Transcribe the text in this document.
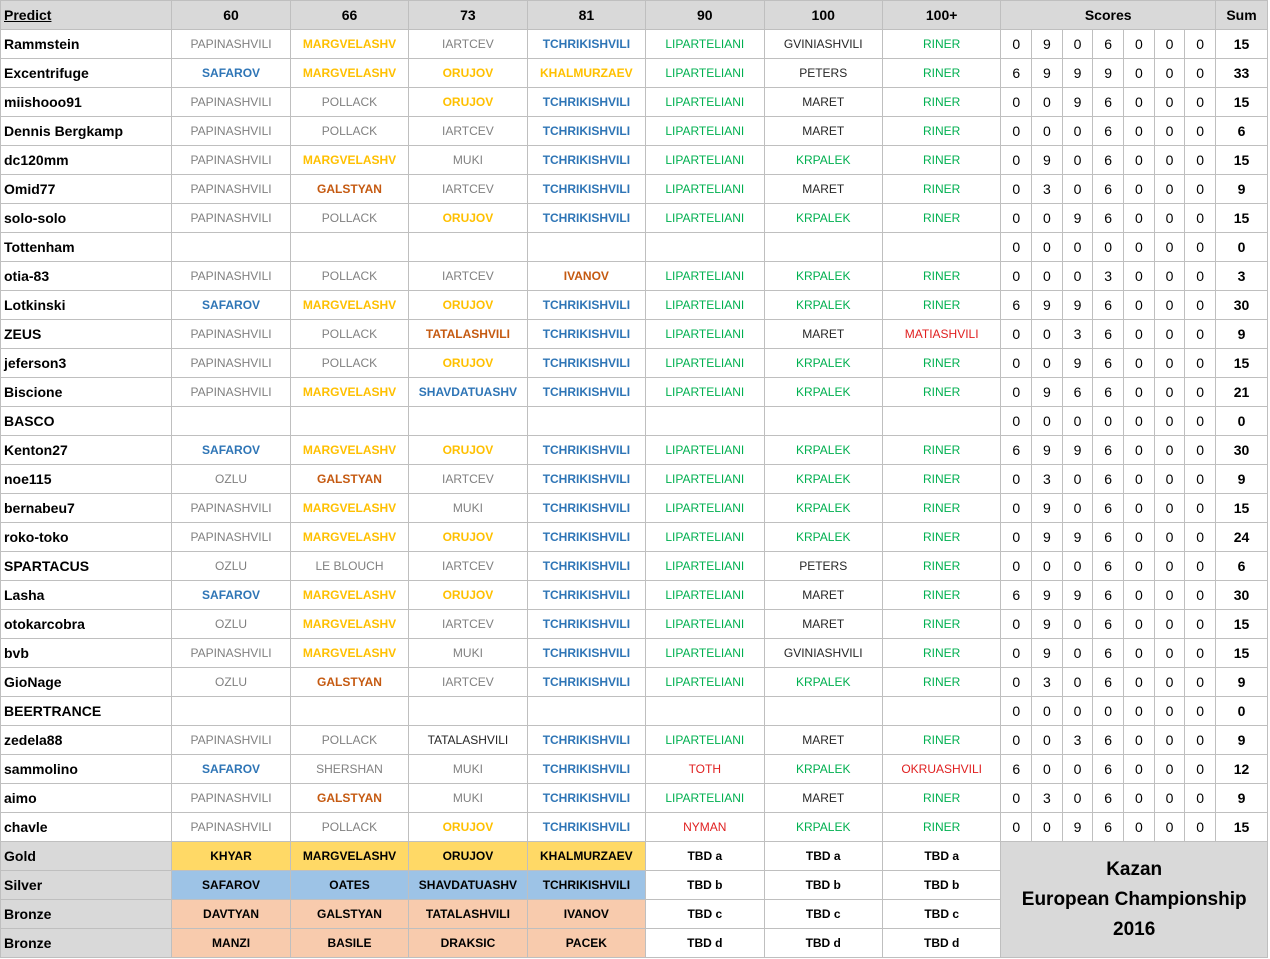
Predict	60	66	73	81	90	100	100+	Scores							Sum
Rammstein	PAPINASHVILI	MARGVELASHV	IARTCEV	TCHRIKISHVILI	LIPARTELIANI	GVINIASHVILI	RINER	0	9	0	6	0	0	0	15
Excentrifuge	SAFAROV	MARGVELASHV	ORUJOV	KHALMURZAEV	LIPARTELIANI	PETERS	RINER	6	9	9	9	0	0	0	33
miishooo91	PAPINASHVILI	POLLACK	ORUJOV	TCHRIKISHVILI	LIPARTELIANI	MARET	RINER	0	0	9	6	0	0	0	15
Dennis Bergkamp	PAPINASHVILI	POLLACK	IARTCEV	TCHRIKISHVILI	LIPARTELIANI	MARET	RINER	0	0	0	6	0	0	0	6
dc120mm	PAPINASHVILI	MARGVELASHV	MUKI	TCHRIKISHVILI	LIPARTELIANI	KRPALEK	RINER	0	9	0	6	0	0	0	15
Omid77	PAPINASHVILI	GALSTYAN	IARTCEV	TCHRIKISHVILI	LIPARTELIANI	MARET	RINER	0	3	0	6	0	0	0	9
solo-solo	PAPINASHVILI	POLLACK	ORUJOV	TCHRIKISHVILI	LIPARTELIANI	KRPALEK	RINER	0	0	9	6	0	0	0	15
Tottenham								0	0	0	0	0	0	0	0
otia-83	PAPINASHVILI	POLLACK	IARTCEV	IVANOV	LIPARTELIANI	KRPALEK	RINER	0	0	0	3	0	0	0	3
Lotkinski	SAFAROV	MARGVELASHV	ORUJOV	TCHRIKISHVILI	LIPARTELIANI	KRPALEK	RINER	6	9	9	6	0	0	0	30
ZEUS	PAPINASHVILI	POLLACK	TATALASHVILI	TCHRIKISHVILI	LIPARTELIANI	MARET	MATIASHVILI	0	0	3	6	0	0	0	9
jeferson3	PAPINASHVILI	POLLACK	ORUJOV	TCHRIKISHVILI	LIPARTELIANI	KRPALEK	RINER	0	0	9	6	0	0	0	15
Biscione	PAPINASHVILI	MARGVELASHV	SHAVDATUASHV	TCHRIKISHVILI	LIPARTELIANI	KRPALEK	RINER	0	9	6	6	0	0	0	21
BASCO								0	0	0	0	0	0	0	0
Kenton27	SAFAROV	MARGVELASHV	ORUJOV	TCHRIKISHVILI	LIPARTELIANI	KRPALEK	RINER	6	9	9	6	0	0	0	30
noe115	OZLU	GALSTYAN	IARTCEV	TCHRIKISHVILI	LIPARTELIANI	KRPALEK	RINER	0	3	0	6	0	0	0	9
bernabeu7	PAPINASHVILI	MARGVELASHV	MUKI	TCHRIKISHVILI	LIPARTELIANI	KRPALEK	RINER	0	9	0	6	0	0	0	15
roko-toko	PAPINASHVILI	MARGVELASHV	ORUJOV	TCHRIKISHVILI	LIPARTELIANI	KRPALEK	RINER	0	9	9	6	0	0	0	24
SPARTACUS	OZLU	LE BLOUCH	IARTCEV	TCHRIKISHVILI	LIPARTELIANI	PETERS	RINER	0	0	0	6	0	0	0	6
Lasha	SAFAROV	MARGVELASHV	ORUJOV	TCHRIKISHVILI	LIPARTELIANI	MARET	RINER	6	9	9	6	0	0	0	30
otokarcobra	OZLU	MARGVELASHV	IARTCEV	TCHRIKISHVILI	LIPARTELIANI	MARET	RINER	0	9	0	6	0	0	0	15
bvb	PAPINASHVILI	MARGVELASHV	MUKI	TCHRIKISHVILI	LIPARTELIANI	GVINIASHVILI	RINER	0	9	0	6	0	0	0	15
GioNage	OZLU	GALSTYAN	IARTCEV	TCHRIKISHVILI	LIPARTELIANI	KRPALEK	RINER	0	3	0	6	0	0	0	9
BEERTRANCE								0	0	0	0	0	0	0	0
zedela88	PAPINASHVILI	POLLACK	TATALASHVILI	TCHRIKISHVILI	LIPARTELIANI	MARET	RINER	0	0	3	6	0	0	0	9
sammolino	SAFAROV	SHERSHAN	MUKI	TCHRIKISHVILI	TOTH	KRPALEK	OKRUASHVILI	6	0	0	6	0	0	0	12
aimo	PAPINASHVILI	GALSTYAN	MUKI	TCHRIKISHVILI	LIPARTELIANI	MARET	RINER	0	3	0	6	0	0	0	9
chavle	PAPINASHVILI	POLLACK	ORUJOV	TCHRIKISHVILI	NYMAN	KRPALEK	RINER	0	0	9	6	0	0	0	15
Gold	KHYAR	MARGVELASHV	ORUJOV	KHALMURZAEV	TBD a	TBD a	TBD a	Kazan
European Championship
2016							

Silver	SAFAROV	OATES	SHAVDATUASHV	TCHRIKISHVILI	TBD b	TBD b	TBD b								
Bronze	DAVTYAN	GALSTYAN	TATALASHVILI	IVANOV	TBD c	TBD c	TBD c								
Bronze	MANZI	BASILE	DRAKSIC	PACEK	TBD d	TBD d	TBD d								
